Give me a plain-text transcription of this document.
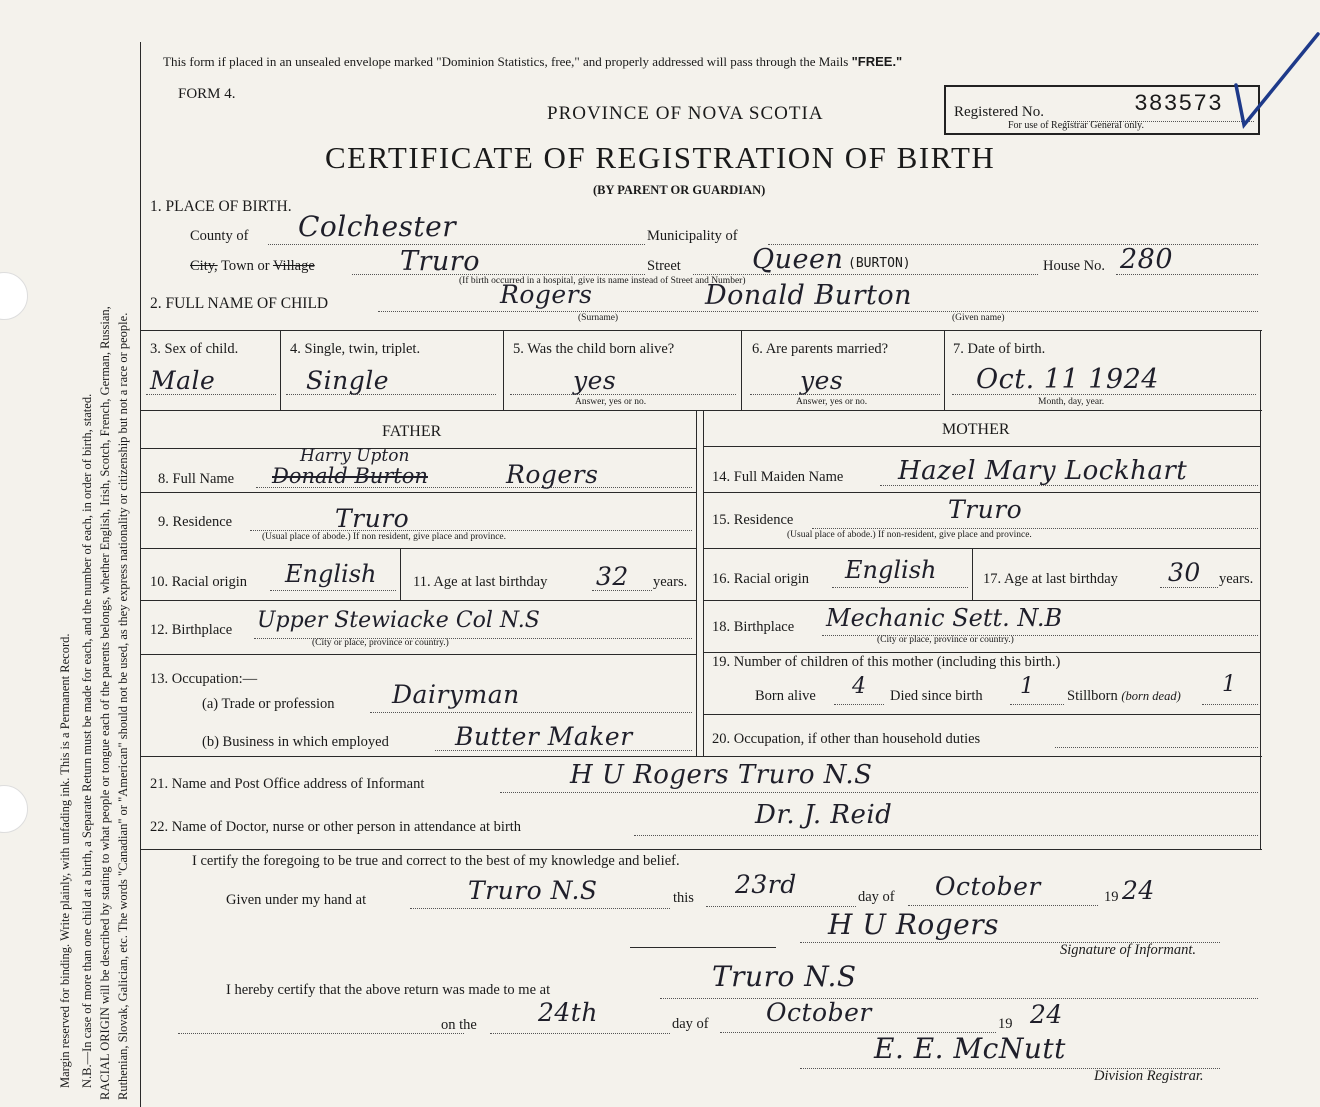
Margin reserved for binding. Write plainly, with unfading ink. This is a Permanent Record. N.B.—In case of more than one child at a birth, a Separate Return must be made for each, and the number of each, in order of birth, stated. RACIAL ORIGIN will be described by stating to what people or tongue each of the parents belongs, whether English, Irish, Scotch, French, German, Russian, Ruthenian, Slovak, Galician, etc. The words "Canadian" or "American" should not be used, as they express nationality or citizenship but not a race or people.
This form if placed in an unsealed envelope marked "Dominion Statistics, free," and properly addressed will pass through the Mails "FREE."
FORM 4.
PROVINCE OF NOVA SCOTIA	Registered No.	383573
For use of Registrar General only.
CERTIFICATE OF REGISTRATION OF BIRTH
(BY PARENT OR GUARDIAN)
1. PLACE OF BIRTH.
County of Colchester	Municipality of
City, Town or Village	Truro	Street	Queen (BURTON)	House No. 280
(If birth occurred in a hospital, give its name instead of Street and Number)
2. FULL NAME OF CHILD	Rogers
(Surname)
Donald Burton
(Given name)
3. Sex of child.
Male
4. Single, twin, triplet.
Single
5. Was the child born alive?
yes
Answer, yes or no.
6. Are parents married?
yes
Answer, yes or no.
7. Date of birth.
Oct. 11 1924
Month, day, year.
FATHER	MOTHER
8. Full Name Donald Burton
Harry Upton
Rogers
9. Residence	Truro
(Usual place of abode.) If non resident, give place and province.
10. Racial origin English	11. Age at last birthday 32 years.
12. Birthplace Upper Stewiacke Col N.S
(City or place, province or country.)
13. Occupation:—
(a) Trade or profession Dairyman
(b) Business in which employed	Butter Maker
14. Full Maiden Name Hazel Mary Lockhart
15. Residence	Truro
(Usual place of abode.) If non-resident, give place and province.
16. Racial origin English	17. Age at last birthday 30 years.
18. Birthplace Mechanic Sett. N.B
(City or place, province or country.)
19. Number of children of this mother (including this birth.)
Born alive 4 Died since birth 1 Stillborn (born dead) 1
20. Occupation, if other than household duties
21. Name and Post Office address of Informant	H U Rogers Truro N.S
22. Name of Doctor, nurse or other person in attendance at birth	Dr. J. Reid
I certify the foregoing to be true and correct to the best of my knowledge and belief.
Given under my hand at	Truro N.S	this 23rd	day of October	19 24
H U Rogers
Signature of Informant.
I hereby certify that the above return was made to me at	Truro N.S
on the 24th	day of October	19 24
E. E. McNutt
Division Registrar.
